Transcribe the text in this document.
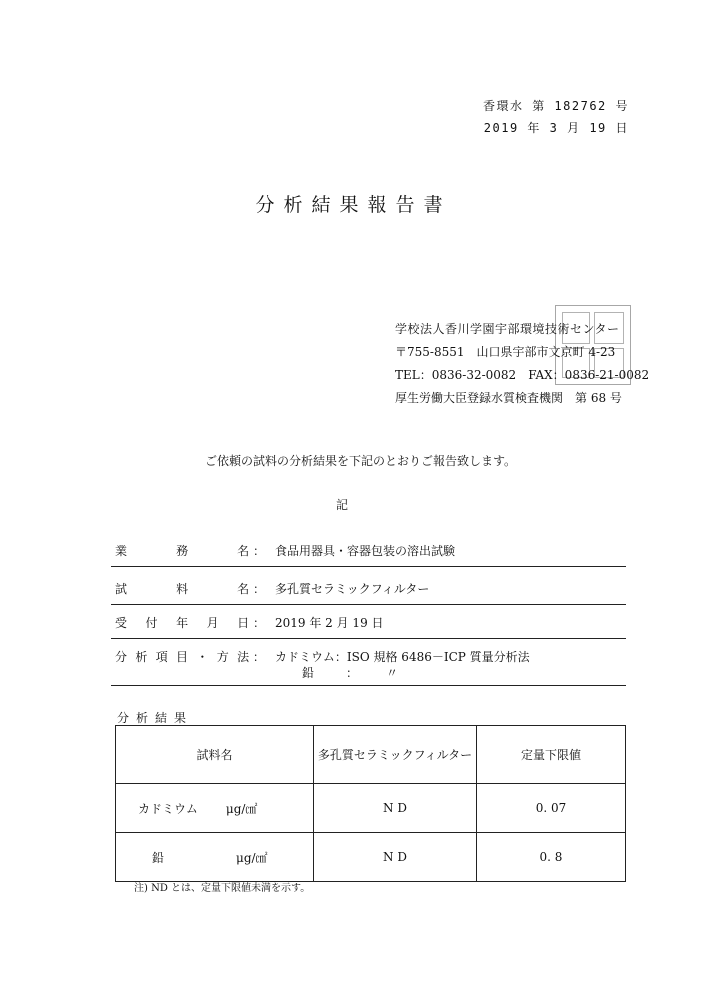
香環水 第 182762 号
2019 年 3 月 19 日
分析結果報告書
学校法人香川学園宇部環境技術センター
〒755-8551　山口県宇部市文京町 4-23
TEL：0836-32-0082　FAX：0836-21-0082
厚生労働大臣登録水質検査機関　第 68 号
ご依頼の試料の分析結果を下記のとおりご報告致します。
記
業	務	名 ： 食品用器具・容器包装の溶出試験
試	料	名 ： 多孔質セラミックフィルター
受 付 年 月 日 ： 2019 年 2 月 19 日
分 析 項 目 ・ 方 法 ： カドミウム：ISO 規格 6486－ICP 質量分析法
鉛	： 〃
分析結果
試料名	多孔質セラミックフィルター	定量下限値
カドミウム μg/㎠	N D	0. 07
鉛 μg/㎠	N D	0. 8
注) ND とは、定量下限値未満を示す。
